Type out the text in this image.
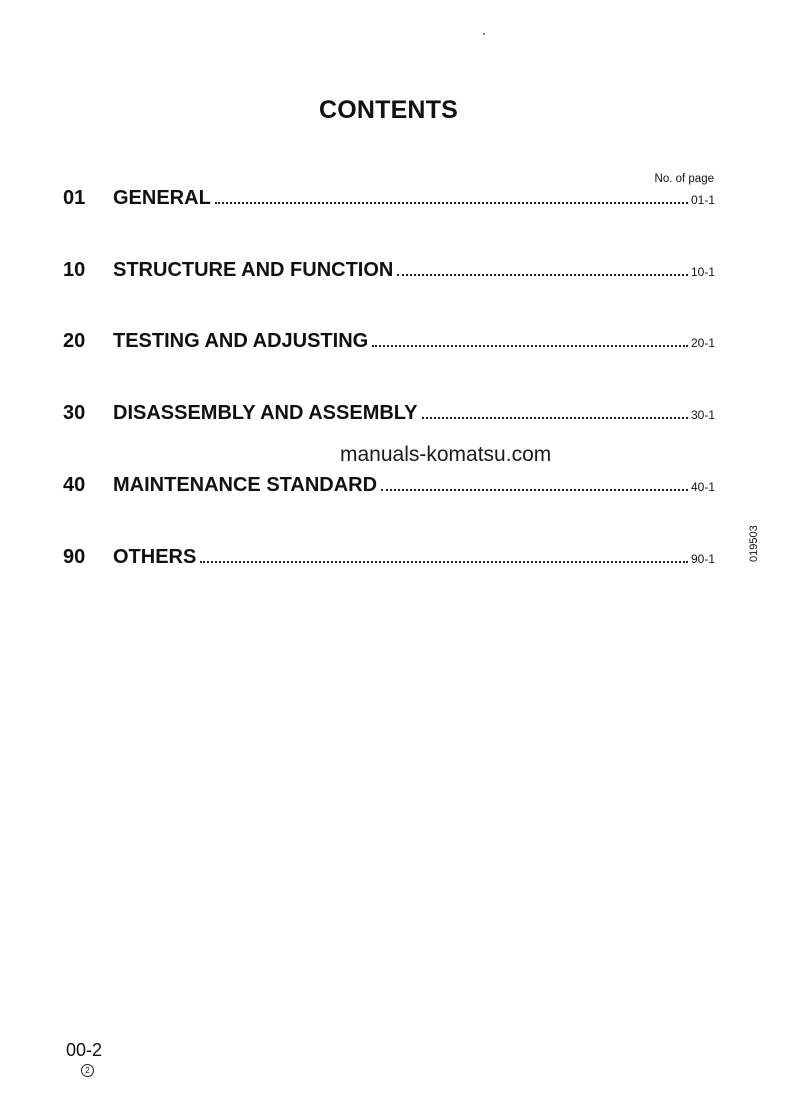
CONTENTS
No. of page
01	GENERAL	01-1
10	STRUCTURE AND FUNCTION	10-1
20	TESTING AND ADJUSTING	20-1
30	DISASSEMBLY AND ASSEMBLY	30-1
manuals-komatsu.com
40	MAINTENANCE STANDARD	40-1
90	OTHERS	90-1	019503
00-2
2
